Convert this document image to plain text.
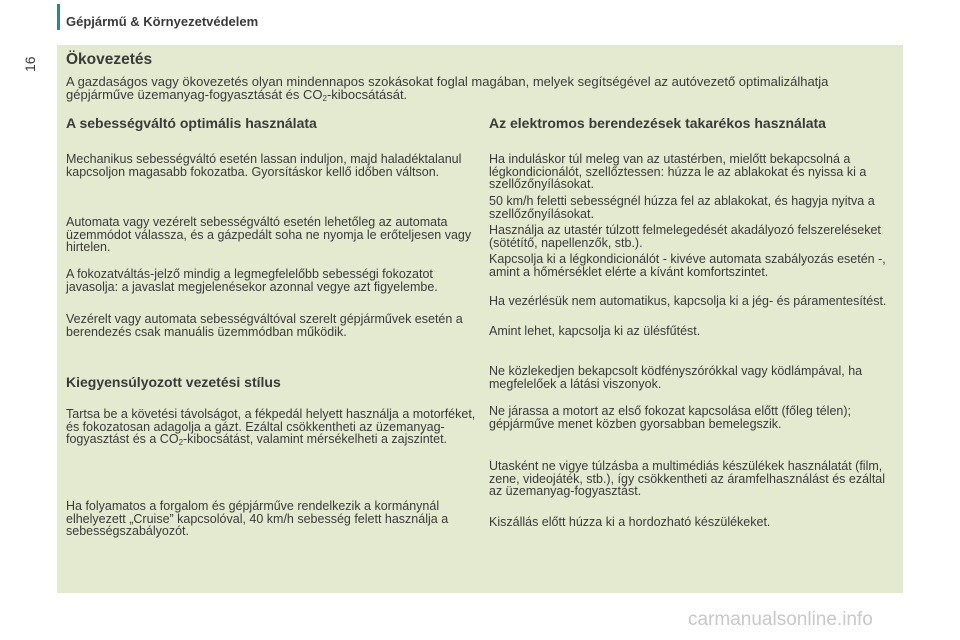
Gépjármű & Környezetvédelem
16 Ökovezetés
A gazdaságos vagy ökovezetés olyan mindennapos szokásokat foglal magában, melyek segítségével az autóvezető optimalizálhatja gépjárműve üzemanyag-fogyasztását és $CO_2$-kibocsátását.
A sebességváltó optimális használata

Mechanikus sebességváltó esetén lassan induljon, majd haladéktalanul kapcsoljon magasabb fokozatba. Gyorsításkor kellő időben váltson.

Automata vagy vezérelt sebességváltó esetén lehetőleg az automata üzemmódot válassza, és a gázpedált soha ne nyomja le erőteljesen vagy hirtelen.

A fokozatváltás-jelző mindig a legmegfelelőbb sebességi fokozatot javasolja: a javaslat megjelenésekor azonnal vegye azt figyelembe.

Vezérelt vagy automata sebességváltóval szerelt gépjárművek esetén a berendezés csak manuális üzemmódban működik.

Kiegyensúlyozott vezetési stílus

Tartsa be a követési távolságot, a fékpedál helyett használja a motorféket, és fokozatosan adagolja a gázt. Ezáltal csökkentheti az üzemanyag-fogyasztást és a $CO_2$-kibocsátást, valamint mérsékelheti a zajszintet.

Ha folyamatos a forgalom és gépjárműve rendelkezik a kormánynál elhelyezett „Cruise” kapcsolóval, 40 km/h sebesség felett használja a sebességszabályozót.

Az elektromos berendezések takarékos használata

Ha induláskor túl meleg van az utastérben, mielőtt bekapcsolná a légkondicionálót, szellőztessen: húzza le az ablakokat és nyissa ki a szellőzőnyílásokat.

50 km/h feletti sebességnél húzza fel az ablakokat, és hagyja nyitva a szellőzőnyílásokat.

Használja az utastér túlzott felmelegedését akadályozó felszereléseket (sötétítő, napellenzők, stb.).

Kapcsolja ki a légkondicionálót - kivéve automata szabályozás esetén -, amint a hőmérséklet elérte a kívánt komfortszintet.

Ha vezérlésük nem automatikus, kapcsolja ki a jég- és páramentesítést.

Amint lehet, kapcsolja ki az ülésfűtést.

Ne közlekedjen bekapcsolt ködfényszórókkal vagy ködlámpával, ha megfelelőek a látási viszonyok.

Ne járassa a motort az első fokozat kapcsolása előtt (főleg télen); gépjárműve menet közben gyorsabban bemelegszik.

Utasként ne vigye túlzásba a multimédiás készülékek használatát (film, zene, videojáték, stb.), így csökkentheti az áramfelhasználást és ezáltal az üzemanyag-fogyasztást.

Kiszállás előtt húzza ki a hordozható készülékeket.

carmanualsonline.info
